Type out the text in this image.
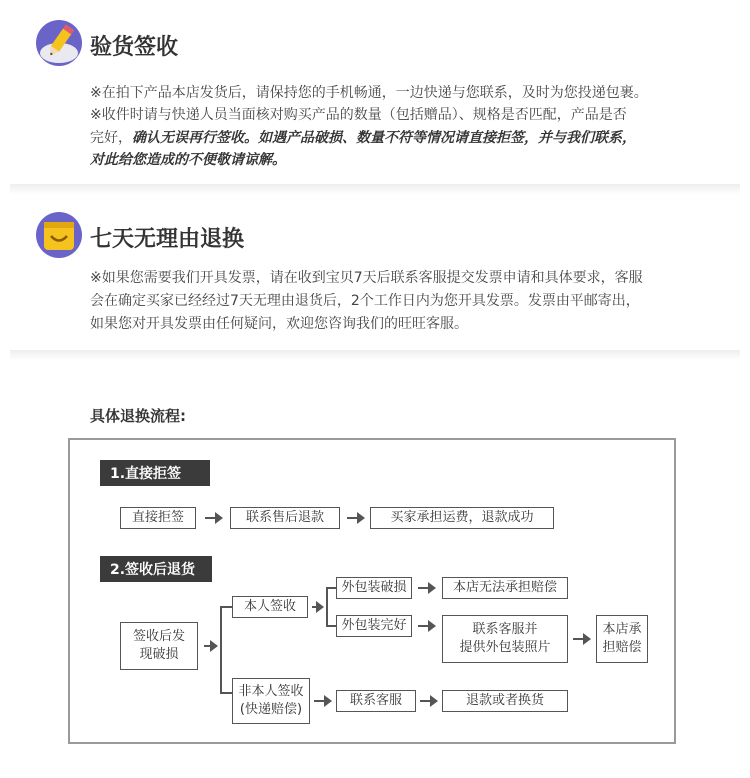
验货签收
※在拍下产品本店发货后，请保持您的手机畅通，一边快递与您联系，及时为您投递包裹。
※收件时请与快递人员当面核对购买产品的数量（包括赠品）、规格是否匹配，产品是否
完好，确认无误再行签收。如遇产品破损、数量不符等情况请直接拒签，并与我们联系，
对此给您造成的不便敬请谅解。
七天无理由退换
※如果您需要我们开具发票，请在收到宝贝7天后联系客服提交发票申请和具体要求，客服
会在确定买家已经经过7天无理由退货后，2个工作日内为您开具发票。发票由平邮寄出，
如果您对开具发票由任何疑问，欢迎您咨询我们的旺旺客服。
具体退换流程:
1.直接拒签
直接拒签	联系售后退款	买家承担运费，退款成功
2.签收后退货
签收后发
现破损
本人签收
外包装破损	本店无法承担赔偿
外包装完好	联系客服并
提供外包装照片
本店承
担赔偿
非本人签收
(快递赔偿)
联系客服	退款或者换货
